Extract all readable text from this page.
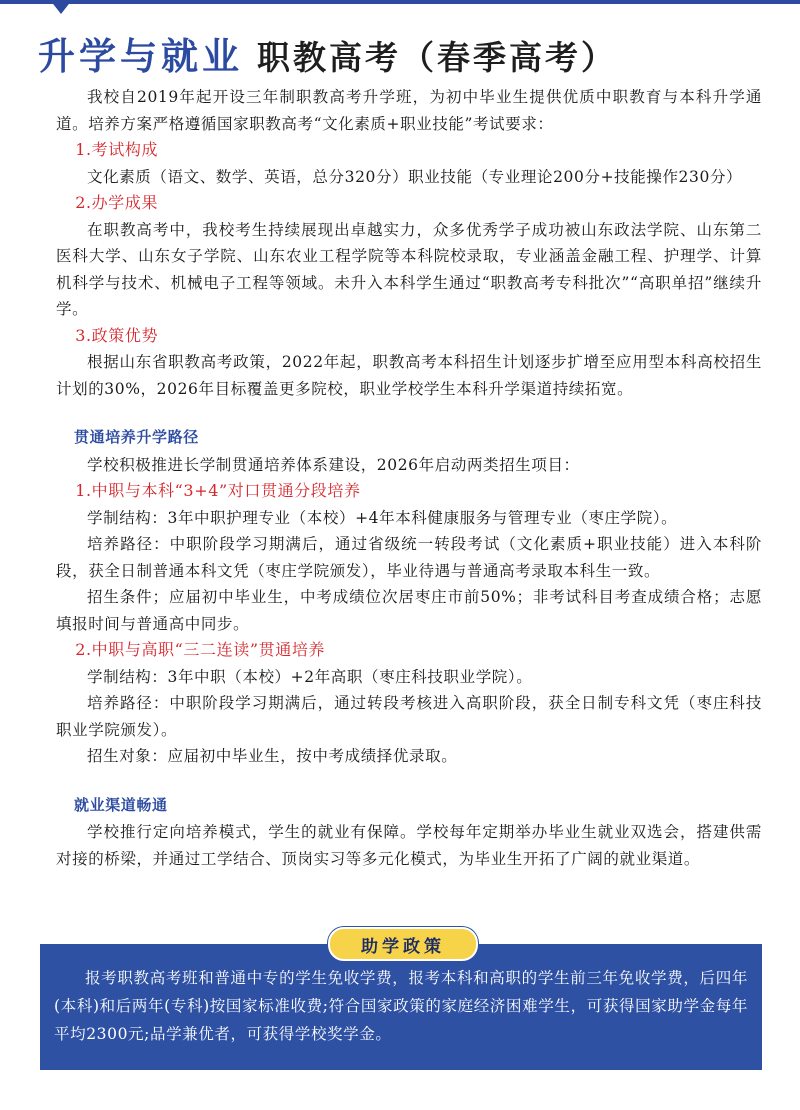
升学与就业 职教高考（春季高考）

我校自2019年起开设三年制职教高考升学班，为初中毕业生提供优质中职教育与本科升学通道。培养方案严格遵循国家职教高考“文化素质+职业技能”考试要求：

1.考试构成

文化素质（语文、数学、英语，总分320分）职业技能（专业理论200分+技能操作230分）

2.办学成果

在职教高考中，我校考生持续展现出卓越实力，众多优秀学子成功被山东政法学院、山东第二医科大学、山东女子学院、山东农业工程学院等本科院校录取，专业涵盖金融工程、护理学、计算机科学与技术、机械电子工程等领域。未升入本科学生通过“职教高考专科批次”“高职单招”继续升学。

3.政策优势

根据山东省职教高考政策，2022年起，职教高考本科招生计划逐步扩增至应用型本科高校招生计划的30%，2026年目标覆盖更多院校，职业学校学生本科升学渠道持续拓宽。

贯通培养升学路径

学校积极推进长学制贯通培养体系建设，2026年启动两类招生项目：

1.中职与本科“3+4”对口贯通分段培养

学制结构：3年中职护理专业（本校）+4年本科健康服务与管理专业（枣庄学院）。

培养路径：中职阶段学习期满后，通过省级统一转段考试（文化素质+职业技能）进入本科阶段，获全日制普通本科文凭（枣庄学院颁发），毕业待遇与普通高考录取本科生一致。

招生条件；应届初中毕业生，中考成绩位次居枣庄市前50%；非考试科目考查成绩合格；志愿填报时间与普通高中同步。

2.中职与高职“三二连读”贯通培养

学制结构：3年中职（本校）+2年高职（枣庄科技职业学院）。

培养路径：中职阶段学习期满后，通过转段考核进入高职阶段，获全日制专科文凭（枣庄科技职业学院颁发）。

招生对象：应届初中毕业生，按中考成绩择优录取。

就业渠道畅通

学校推行定向培养模式，学生的就业有保障。学校每年定期举办毕业生就业双选会，搭建供需对接的桥梁，并通过工学结合、顶岗实习等多元化模式，为毕业生开拓了广阔的就业渠道。

助学政策

报考职教高考班和普通中专的学生免收学费，报考本科和高职的学生前三年免收学费，后四年(本科)和后两年(专科)按国家标准收费;符合国家政策的家庭经济困难学生，可获得国家助学金每年平均2300元;品学兼优者，可获得学校奖学金。
